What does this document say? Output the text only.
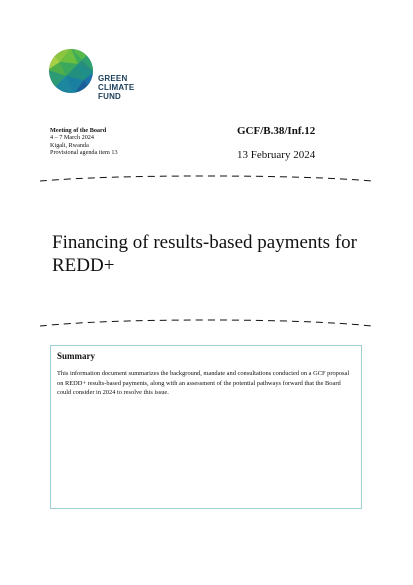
GREEN
CLIMATE
FUND
Meeting of the Board
4 – 7 March 2024
Kigali, Rwanda
Provisional agenda item 13
GCF/B.38/Inf.12
13 February 2024
Financing of results-based payments for REDD+
Summary
This information document summarizes the background, mandate and consultations conducted on a GCF proposal on REDD+ results-based payments, along with an assessment of the potential pathways forward that the Board could consider in 2024 to resolve this issue.
